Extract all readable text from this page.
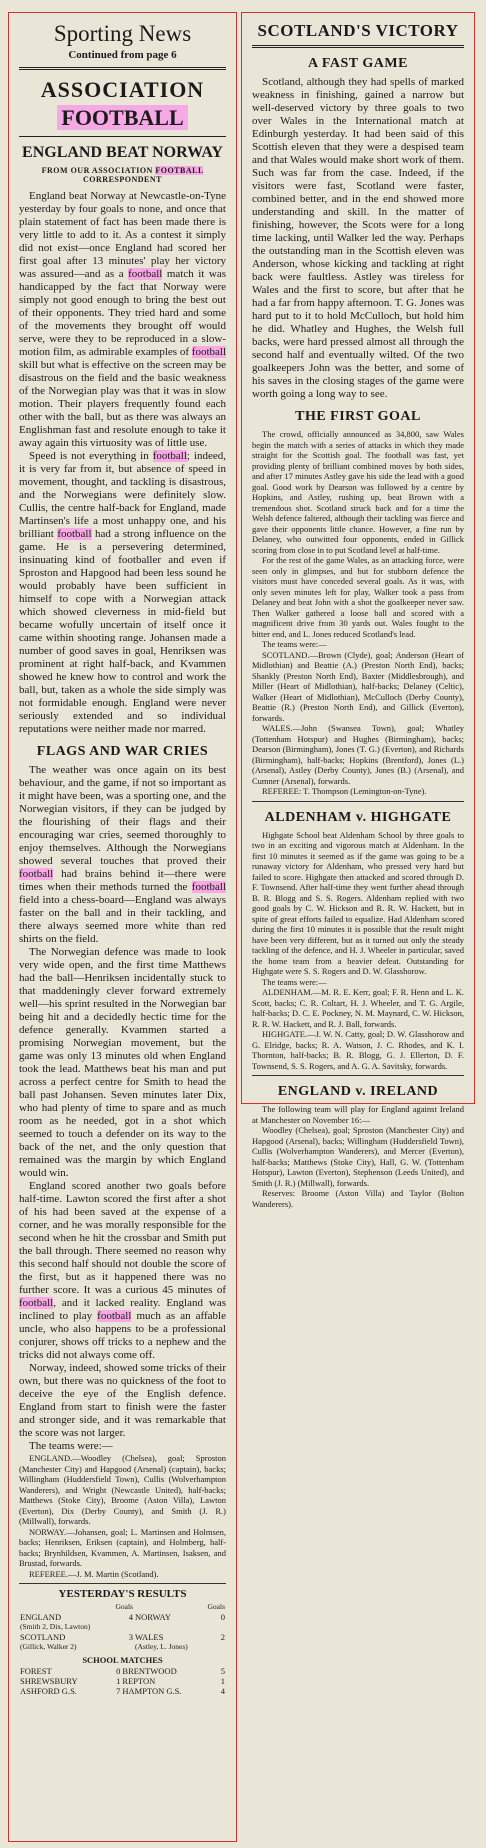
Sporting News
Continued from page 6
ASSOCIATION
FOOTBALL
ENGLAND BEAT NORWAY
FROM OUR ASSOCIATION FOOTBALL CORRESPONDENT

England beat Norway at Newcastle-on-Tyne yesterday by four goals to none, and once that plain statement of fact has been made there is very little to add to it. As a contest it simply did not exist—once England had scored her first goal after 13 minutes' play her victory was assured—and as a football match it was handicapped by the fact that Norway were simply not good enough to bring the best out of their opponents. They tried hard and some of the movements they brought off would serve, were they to be reproduced in a slow-motion film, as admirable examples of football skill but what is effective on the screen may be disastrous on the field and the basic weakness of the Norwegian play was that it was in slow motion. Their players frequently found each other with the ball, but as there was always an Englishman fast and resolute enough to take it away again this virtuosity was of little use.

Speed is not everything in football; indeed, it is very far from it, but absence of speed in movement, thought, and tackling is disastrous, and the Norwegians were definitely slow. Cullis, the centre half-back for England, made Martinsen's life a most unhappy one, and his brilliant football had a strong influence on the game. He is a persevering determined, insinuating kind of footballer and even if Sproston and Hapgood had been less sound he would probably have been sufficient in himself to cope with a Norwegian attack which showed cleverness in mid-field but became wofully uncertain of itself once it came within shooting range. Johansen made a number of good saves in goal, Henriksen was prominent at right half-back, and Kvammen showed he knew how to control and work the ball, but, taken as a whole the side simply was not formidable enough. England were never seriously extended and so individual reputations were neither made nor marred.

FLAGS AND WAR CRIES

The weather was once again on its best behaviour, and the game, if not so important as it might have been, was a sporting one, and the Norwegian visitors, if they can be judged by the flourishing of their flags and their encouraging war cries, seemed thoroughly to enjoy themselves. Although the Norwegians showed several touches that proved their football had brains behind it—there were times when their methods turned the football field into a chess-board—England was always faster on the ball and in their tackling, and there always seemed more white than red shirts on the field.

The Norwegian defence was made to look very wide open, and the first time Matthews had the ball—Henriksen incidentally stuck to that maddeningly clever forward extremely well—his sprint resulted in the Norwegian bar being hit and a decidedly hectic time for the defence generally. Kvammen started a promising Norwegian movement, but the game was only 13 minutes old when England took the lead. Matthews beat his man and put across a perfect centre for Smith to head the ball past Johansen. Seven minutes later Dix, who had plenty of time to spare and as much room as he needed, got in a shot which seemed to touch a defender on its way to the back of the net, and the only question that remained was the margin by which England would win.

England scored another two goals before half-time. Lawton scored the first after a shot of his had been saved at the expense of a corner, and he was morally responsible for the second when he hit the crossbar and Smith put the ball through. There seemed no reason why this second half should not double the score of the first, but as it happened there was no further score. It was a curious 45 minutes of football, and it lacked reality. England was inclined to play football much as an affable uncle, who also happens to be a professional conjurer, shows off tricks to a nephew and the tricks did not always come off.

Norway, indeed, showed some tricks of their own, but there was no quickness of the foot to deceive the eye of the English defence. England from start to finish were the faster and stronger side, and it was remarkable that the score was not larger.

The teams were:—

ENGLAND.—Woodley (Chelsea), goal; Sproston (Manchester City) and Hapgood (Arsenal) (captain), backs; Willingham (Huddersfield Town), Cullis (Wolverhampton Wanderers), and Wright (Newcastle United), half-backs; Matthews (Stoke City), Broome (Aston Villa), Lawton (Everton), Dix (Derby County), and Smith (J. R.) (Millwall), forwards.

NORWAY.—Johansen, goal; L. Martinsen and Holmsen, backs; Henriksen, Eriksen (captain), and Holmberg, half-backs; Brynhildsen, Kvammen, A. Martinsen, Isaksen, and Brustad, forwards.

REFEREE.—J. M. Martin (Scotland).

YESTERDAY'S RESULTS
	Goals		Goals
ENGLAND	4	NORWAY	0
(Smith 2, Dix, Lawton)			
SCOTLAND	3	WALES	2
(Gillick, Walker 2)		(Astley, L. Jones)	
SCHOOL MATCHES
FOREST	0	BRENTWOOD	5
SHREWSBURY	1	REPTON	1
ASHFORD G.S.	7	HAMPTON G.S.	4
SCOTLAND'S VICTORY
A FAST GAME

Scotland, although they had spells of marked weakness in finishing, gained a narrow but well-deserved victory by three goals to two over Wales in the International match at Edinburgh yesterday. It had been said of this Scottish eleven that they were a despised team and that Wales would make short work of them. Such was far from the case. Indeed, if the visitors were fast, Scotland were faster, combined better, and in the end showed more understanding and skill. In the matter of finishing, however, the Scots were for a long time lacking, until Walker led the way. Perhaps the outstanding man in the Scottish eleven was Anderson, whose kicking and tackling at right back were faultless. Astley was tireless for Wales and the first to score, but after that he had a far from happy afternoon. T. G. Jones was hard put to it to hold McCulloch, but hold him he did. Whatley and Hughes, the Welsh full backs, were hard pressed almost all through the second half and eventually wilted. Of the two goalkeepers John was the better, and some of his saves in the closing stages of the game were worth going a long way to see.

THE FIRST GOAL

The crowd, officially announced as 34,800, saw Wales begin the match with a series of attacks in which they made straight for the Scottish goal. The football was fast, yet providing plenty of brilliant combined moves by both sides, and after 17 minutes Astley gave his side the lead with a good goal. Good work by Dearson was followed by a centre by Hopkins, and Astley, rushing up, beat Brown with a tremendous shot. Scotland struck back and for a time the Welsh defence faltered, although their tackling was fierce and gave their opponents little chance. However, a fine run by Delaney, who outwitted four opponents, ended in Gillick scoring from close in to put Scotland level at half-time.

For the rest of the game Wales, as an attacking force, were seen only in glimpses, and but for stubborn defence the visitors must have conceded several goals. As it was, with only seven minutes left for play, Walker took a pass from Delaney and beat John with a shot the goalkeeper never saw. Then Walker gathered a loose ball and scored with a magnificent drive from 30 yards out. Wales fought to the bitter end, and L. Jones reduced Scotland's lead.

The teams were:—

SCOTLAND.—Brown (Clyde), goal; Anderson (Heart of Midlothian) and Beattie (A.) (Preston North End), backs; Shankly (Preston North End), Baxter (Middlesbrough), and Miller (Heart of Midlothian), half-backs; Delaney (Celtic), Walker (Heart of Midlothian), McCulloch (Derby County), Beattie (R.) (Preston North End), and Gillick (Everton), forwards.

WALES.—John (Swansea Town), goal; Whatley (Tottenham Hotspur) and Hughes (Birmingham), backs; Dearson (Birmingham), Jones (T. G.) (Everton), and Richards (Birmingham), half-backs; Hopkins (Brentford), Jones (L.) (Arsenal), Astley (Derby County), Jones (B.) (Arsenal), and Cumner (Arsenal), forwards.

REFEREE: T. Thompson (Lemington-on-Tyne).

ALDENHAM v. HIGHGATE

Highgate School beat Aldenham School by three goals to two in an exciting and vigorous match at Aldenham. In the first 10 minutes it seemed as if the game was going to be a runaway victory for Aldenham, who pressed very hard but failed to score. Highgate then attacked and scored through D. F. Townsend. After half-time they went further ahead through B. R. Blogg and S. S. Rogers. Aldenham replied with two good goals by C. W. Hickson and R. R. W. Hackett, but in spite of great efforts failed to equalize. Had Aldenham scored during the first 10 minutes it is possible that the result might have been very different, but as it turned out only the steady tackling of the defence, and H. J. Wheeler in particular, saved the home team from a heavier defeat. Outstanding for Highgate were S. S. Rogers and D. W. Glasshorow.

The teams were:—

ALDENHAM.—M. R. E. Kerr, goal; F. R. Henn and L. K. Scott, backs; C. R. Coltart, H. J. Wheeler, and T. G. Argile, half-backs; D. C. E. Pockney, N. M. Maynard, C. W. Hickson, R. R. W. Hackett, and R. J. Ball, forwards.

HIGHGATE.—J. W. N. Catty, goal; D. W. Glasshorow and G. Elridge, backs; R. A. Watson, J. C. Rhodes, and K. I. Thornton, half-backs; B. R. Blogg, G. J. Ellerton, D. F. Townsend, S. S. Rogers, and A. G. A. Savitsky, forwards.

ENGLAND v. IRELAND

The following team will play for England against Ireland at Manchester on November 16:—

Woodley (Chelsea), goal; Sproston (Manchester City) and Hapgood (Arsenal), backs; Willingham (Huddersfield Town), Cullis (Wolverhampton Wanderers), and Mercer (Everton), half-backs; Matthews (Stoke City), Hall, G. W. (Tottenham Hotspur), Lawton (Everton), Stephenson (Leeds United), and Smith (J. R.) (Millwall), forwards.

Reserves: Broome (Aston Villa) and Taylor (Bolton Wanderers).
